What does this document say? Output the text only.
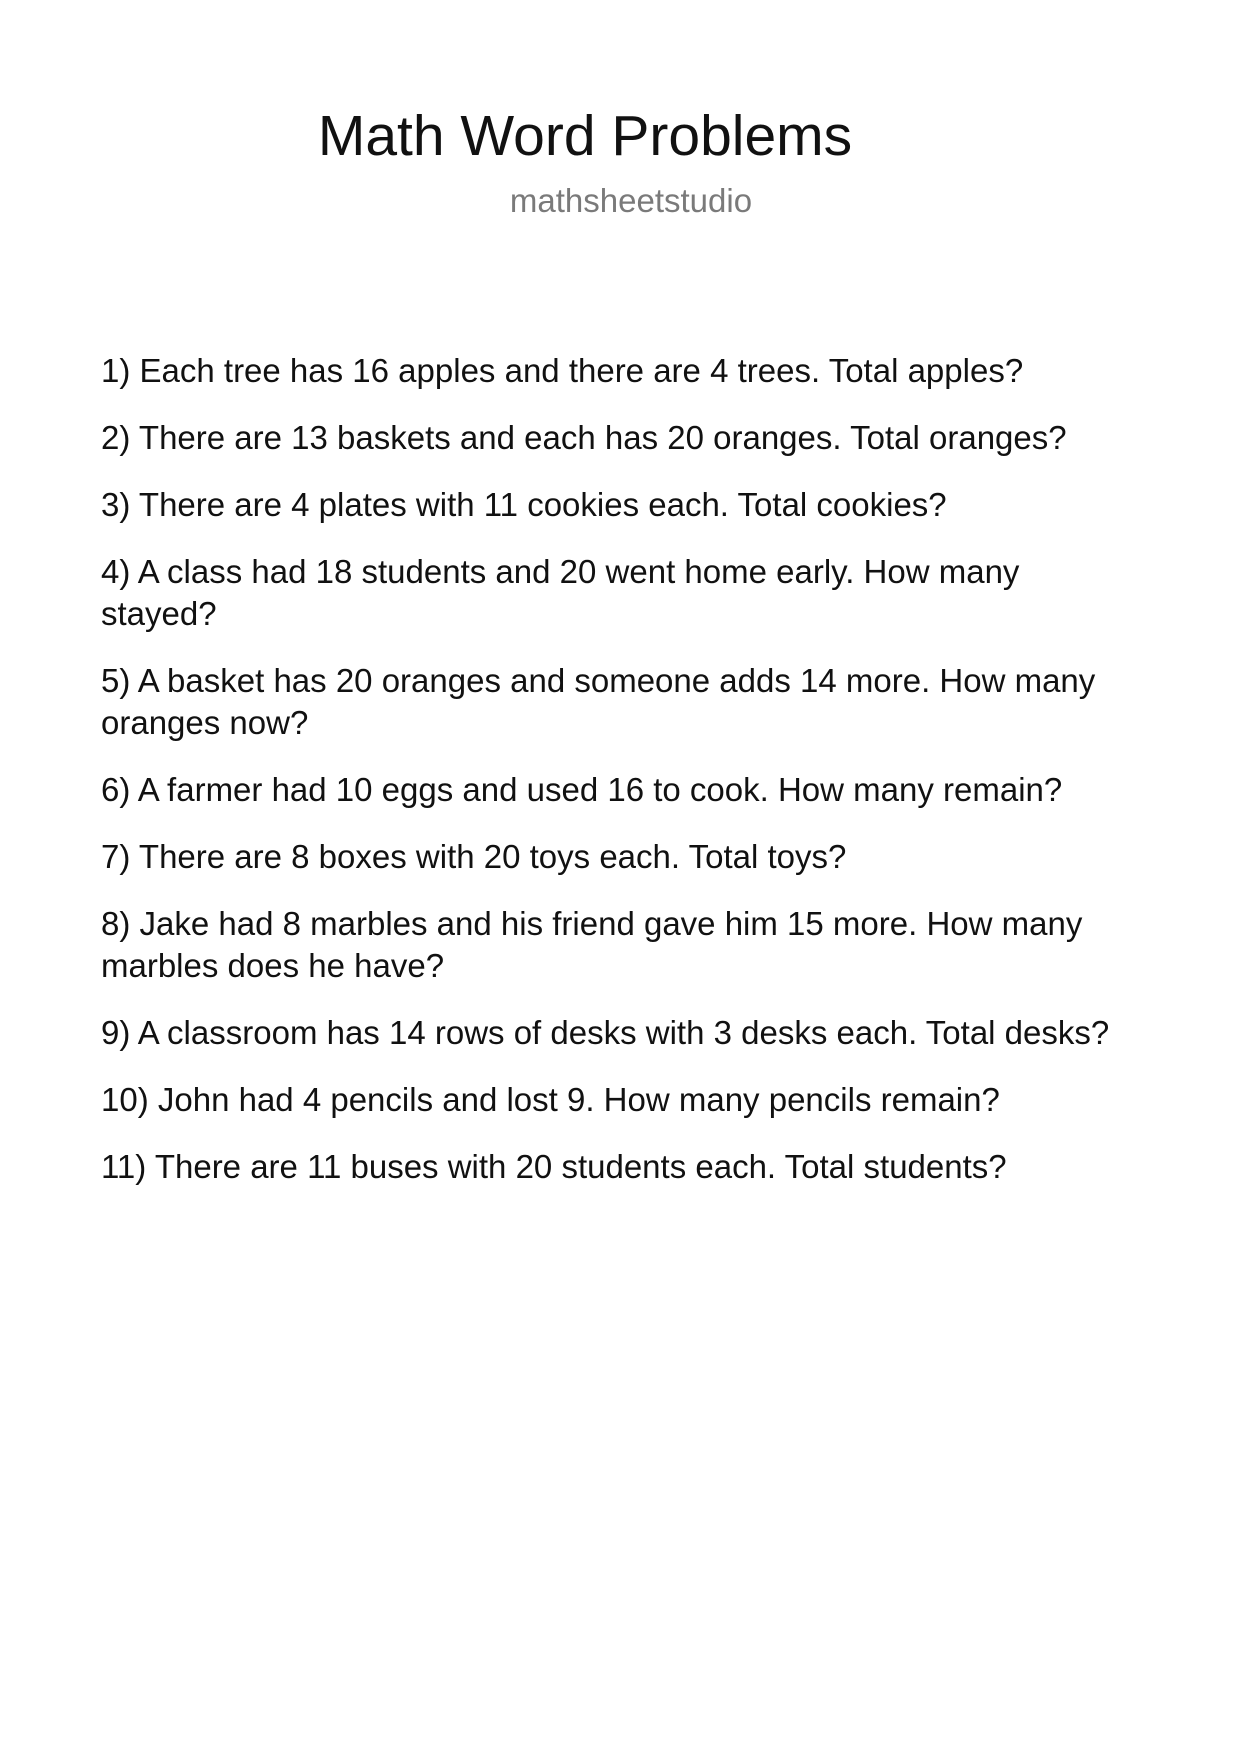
Math Word Problems
mathsheetstudio
1) Each tree has 16 apples and there are 4 trees. Total apples?
2) There are 13 baskets and each has 20 oranges. Total oranges?
3) There are 4 plates with 11 cookies each. Total cookies?
4) A class had 18 students and 20 went home early. How many stayed?
5) A basket has 20 oranges and someone adds 14 more. How many oranges now?
6) A farmer had 10 eggs and used 16 to cook. How many remain?
7) There are 8 boxes with 20 toys each. Total toys?
8) Jake had 8 marbles and his friend gave him 15 more. How many marbles does he have?
9) A classroom has 14 rows of desks with 3 desks each. Total desks?
10) John had 4 pencils and lost 9. How many pencils remain?
11) There are 11 buses with 20 students each. Total students?
